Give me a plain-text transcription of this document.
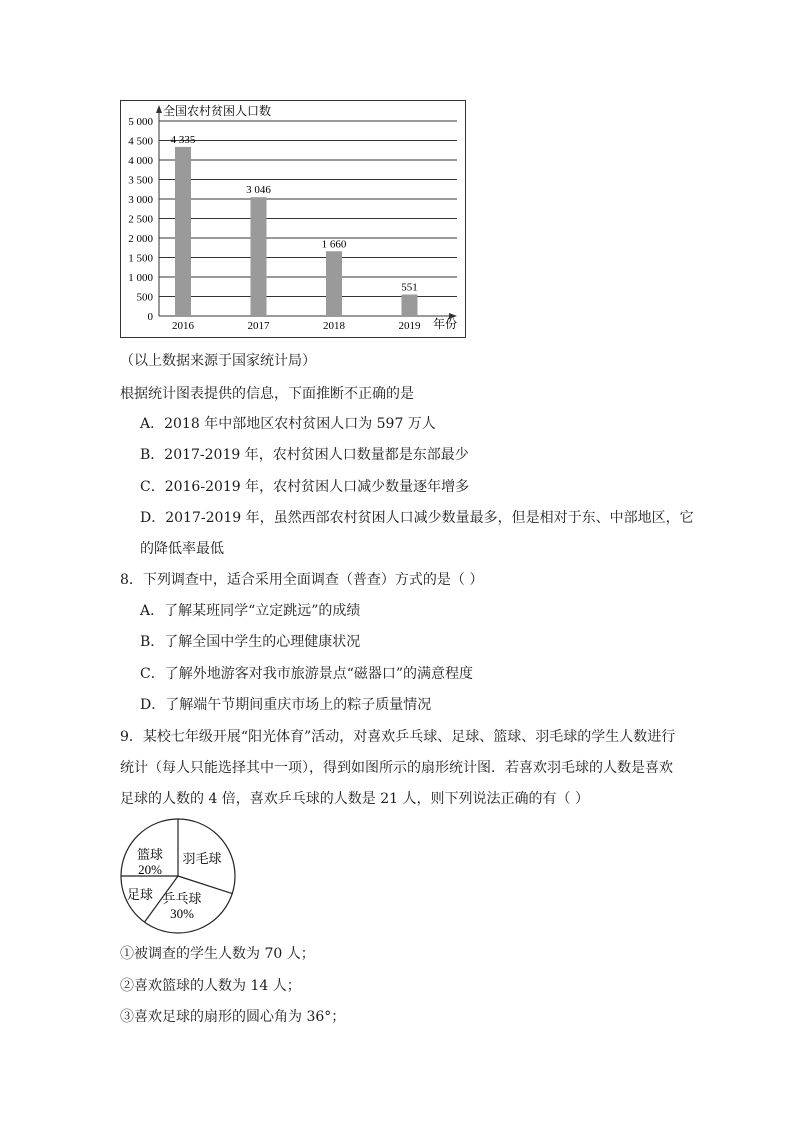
0
500
1 000
1 500
2 000
2 500
3 000
3 500
4 000
4 500
5 000
全国农村贫困人口数
年份
4 335
2016
3 046
2017
1 660
2018
551
2019
（以上数据来源于国家统计局）
根据统计图表提供的信息，下面推断不正确的是
A．2018 年中部地区农村贫困人口为 597 万人
B．2017-2019 年，农村贫困人口数量都是东部最少
C．2016-2019 年，农村贫困人口减少数量逐年增多
D．2017-2019 年，虽然西部农村贫困人口减少数量最多，但是相对于东、中部地区，它
的降低率最低
8．下列调查中，适合采用全面调查（普查）方式的是（ ）
A．了解某班同学“立定跳远”的成绩
B．了解全国中学生的心理健康状况
C．了解外地游客对我市旅游景点“磁器口”的满意程度
D．了解端午节期间重庆市场上的粽子质量情况
9．某校七年级开展“阳光体育”活动，对喜欢乒乓球、足球、篮球、羽毛球的学生人数进行
统计（每人只能选择其中一项），得到如图所示的扇形统计图．若喜欢羽毛球的人数是喜欢
足球的人数的 4 倍，喜欢乒乓球的人数是 21 人，则下列说法正确的有（ ）
篮球
20%
羽毛球
乒乓球
30%
足球
①被调查的学生人数为 70 人；
②喜欢篮球的人数为 14 人；
③喜欢足球的扇形的圆心角为 36°；
